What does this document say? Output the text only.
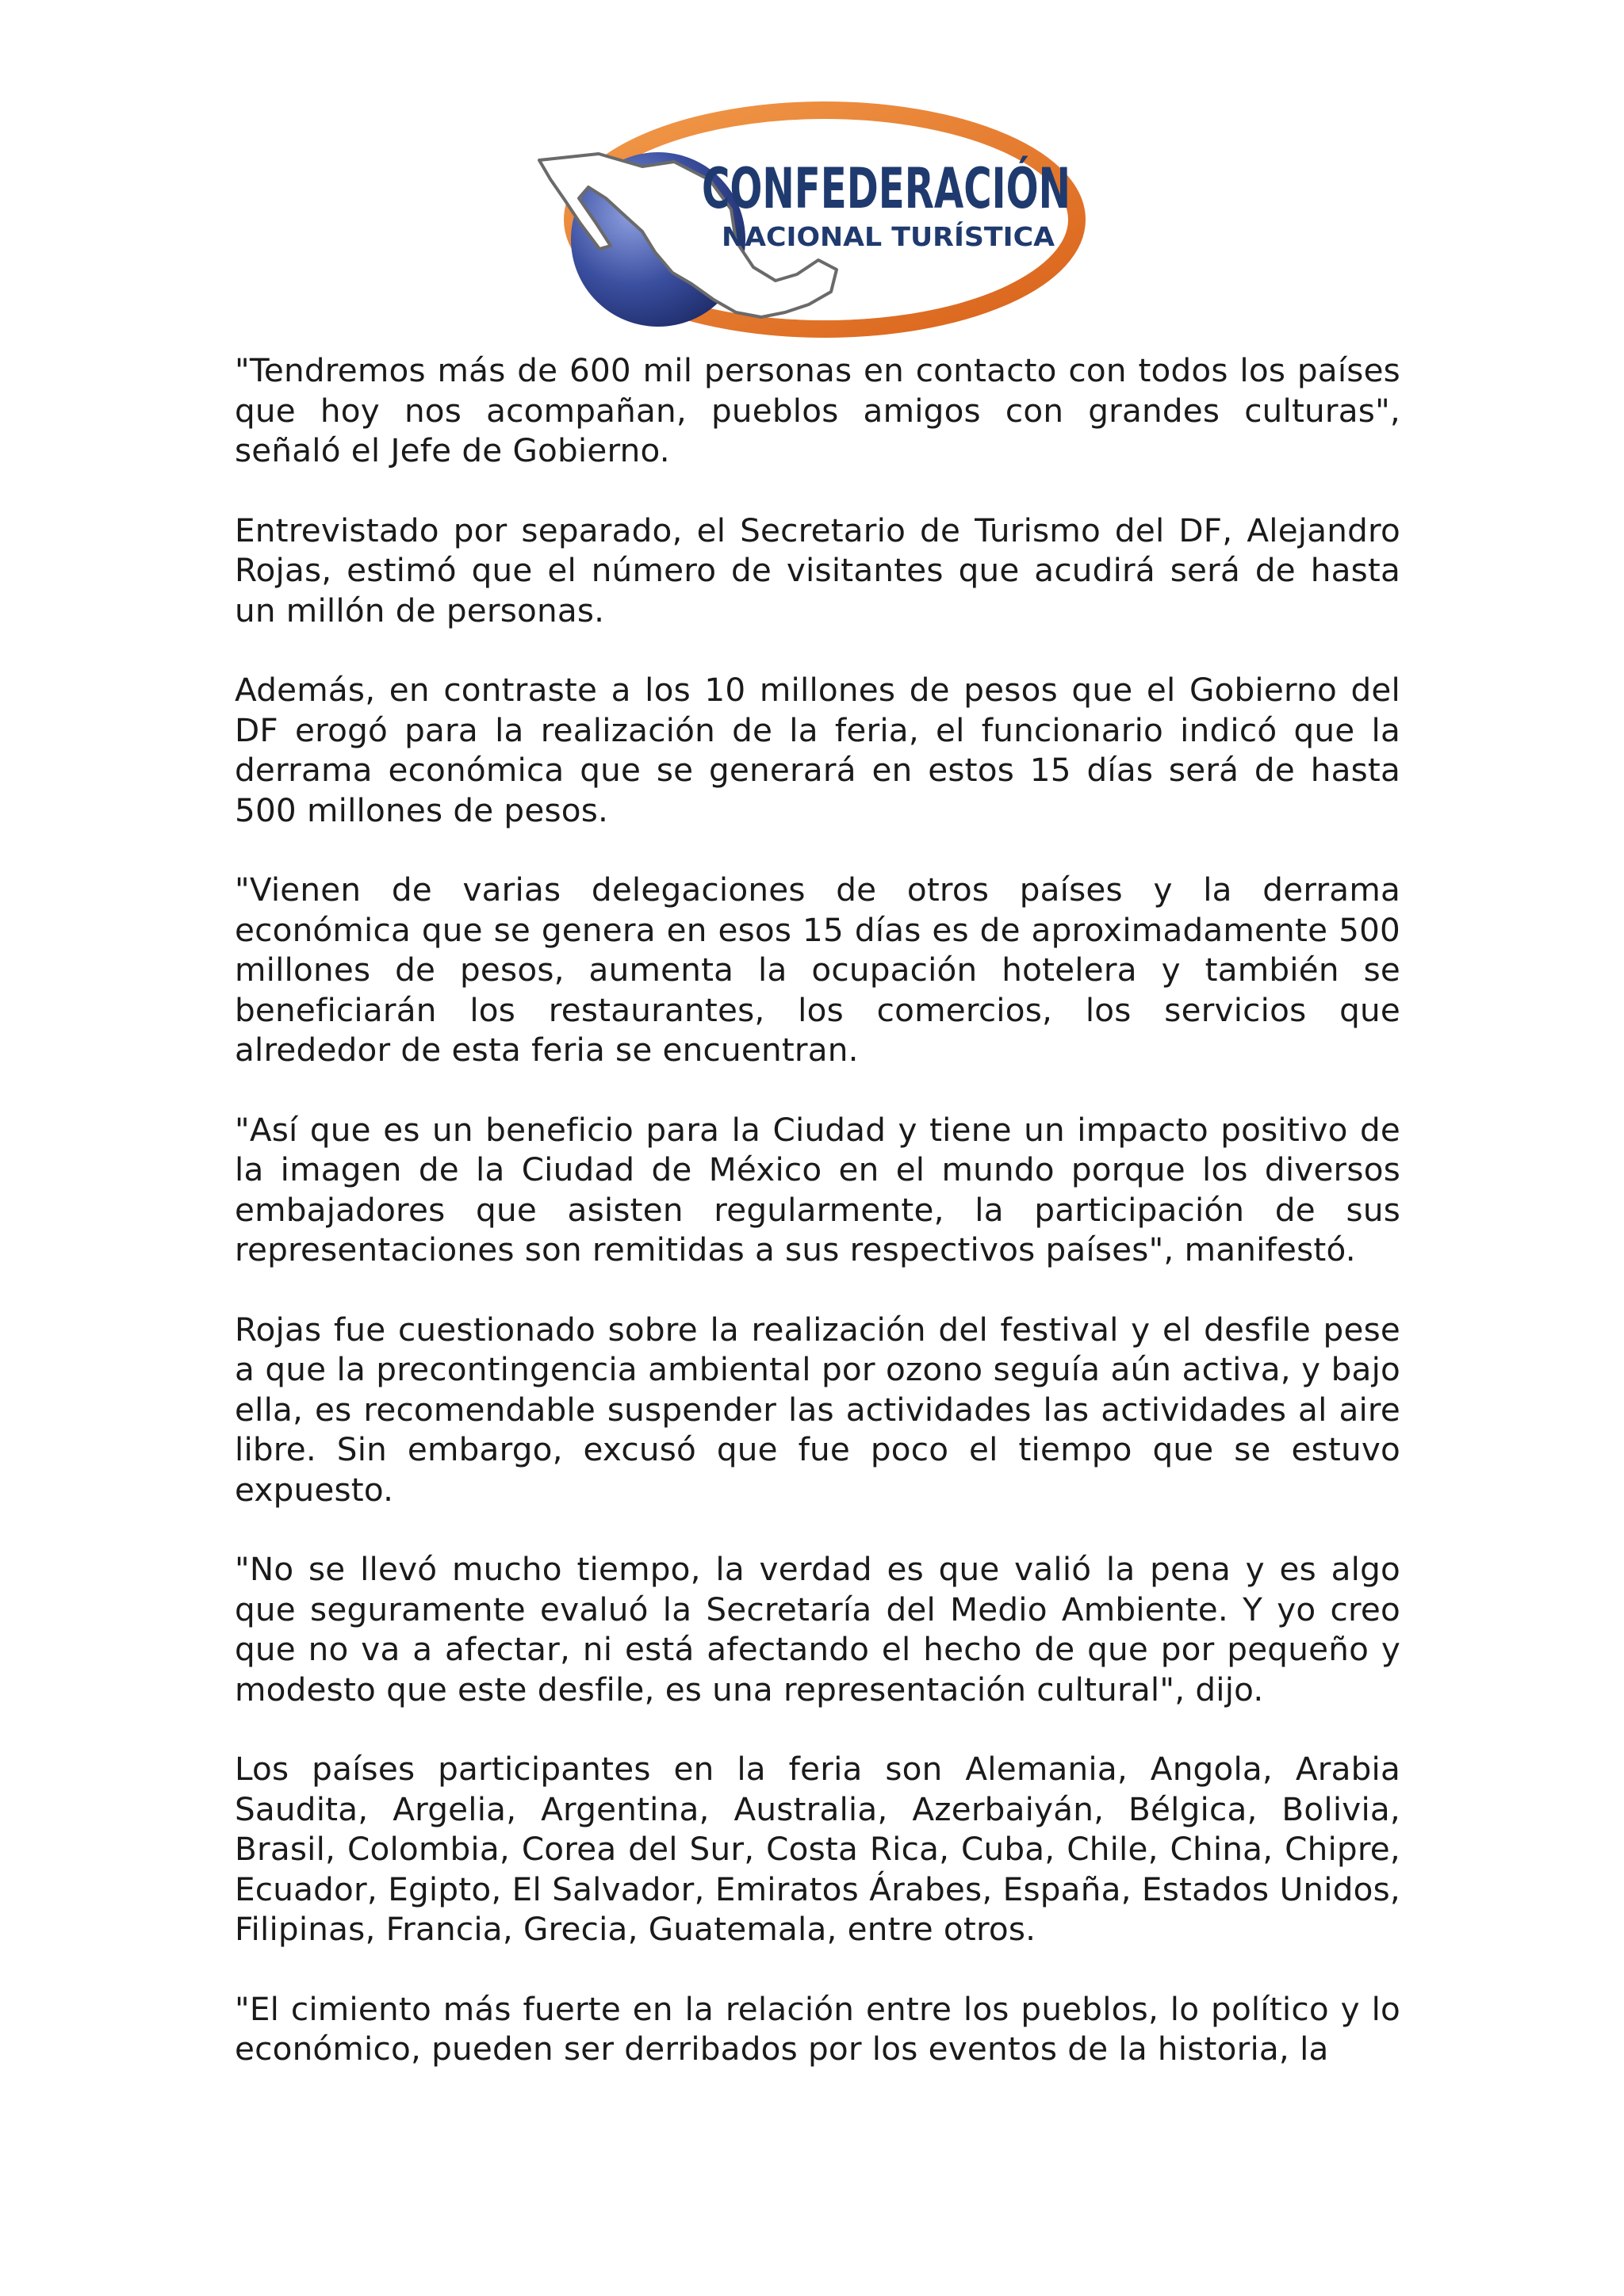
CONFEDERACIÓN
NACIONAL TURÍSTICA

"Tendremos más de 600 mil personas en contacto con todos los países que hoy nos acompañan, pueblos amigos con grandes culturas", señaló el Jefe de Gobierno.

Entrevistado por separado, el Secretario de Turismo del DF, Alejandro Rojas, estimó que el número de visitantes que acudirá será de hasta un millón de personas.

Además, en contraste a los 10 millones de pesos que el Gobierno del DF erogó para la realización de la feria, el funcionario indicó que la derrama económica que se generará en estos 15 días será de hasta 500 millones de pesos.

"Vienen de varias delegaciones de otros países y la derrama económica que se genera en esos 15 días es de aproximadamente 500 millones de pesos, aumenta la ocupación hotelera y también se beneficiarán los restaurantes, los comercios, los servicios que alrededor de esta feria se encuentran.

"Así que es un beneficio para la Ciudad y tiene un impacto positivo de la imagen de la Ciudad de México en el mundo porque los diversos embajadores que asisten regularmente, la participación de sus representaciones son remitidas a sus respectivos países", manifestó.

Rojas fue cuestionado sobre la realización del festival y el desfile pese a que la precontingencia ambiental por ozono seguía aún activa, y bajo ella, es recomendable suspender las actividades las actividades al aire libre. Sin embargo, excusó que fue poco el tiempo que se estuvo expuesto.

"No se llevó mucho tiempo, la verdad es que valió la pena y es algo que seguramente evaluó la Secretaría del Medio Ambiente. Y yo creo que no va a afectar, ni está afectando el hecho de que por pequeño y modesto que este desfile, es una representación cultural", dijo.

Los países participantes en la feria son Alemania, Angola, Arabia Saudita, Argelia, Argentina, Australia, Azerbaiyán, Bélgica, Bolivia, Brasil, Colombia, Corea del Sur, Costa Rica, Cuba, Chile, China, Chipre, Ecuador, Egipto, El Salvador, Emiratos Árabes, España, Estados Unidos, Filipinas, Francia, Grecia, Guatemala, entre otros.

"El cimiento más fuerte en la relación entre los pueblos, lo político y lo económico, pueden ser derribados por los eventos de la historia, la
